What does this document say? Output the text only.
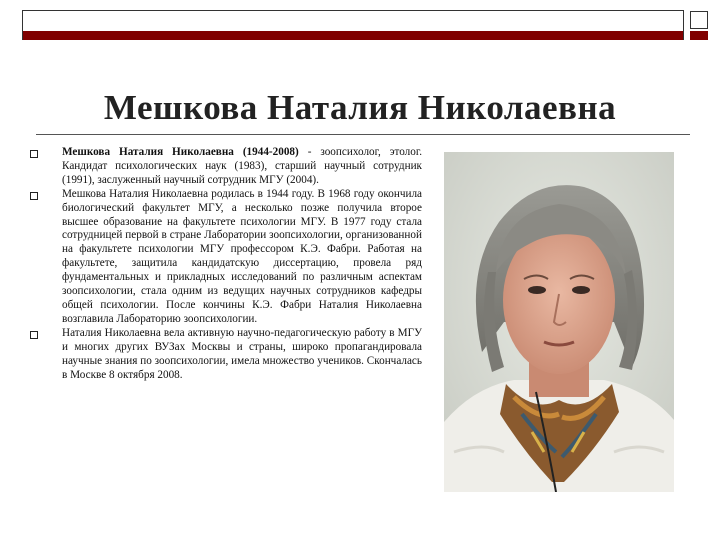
Мешкова Наталия Николаевна
Мешкова Наталия Николаевна (1944-2008) - зоопсихолог, этолог. Кандидат психологических наук (1983), старший научный сотрудник (1991), заслуженный научный сотрудник МГУ (2004).
Мешкова Наталия Николаевна родилась в 1944 году. В 1968 году окончила биологический факультет МГУ, а несколько позже получила второе высшее образование на факультете психологии МГУ. В 1977 году стала сотрудницей первой в стране Лаборатории зоопсихологии, организованной на факультете психологии МГУ профессором К.Э. Фабри. Работая на факультете, защитила кандидатскую диссертацию, провела ряд фундаментальных и прикладных исследований по различным аспектам зоопсихологии, стала одним из ведущих научных сотрудников кафедры общей психологии. После кончины К.Э. Фабри Наталия Николаевна возглавила Лабораторию зоопсихологии.
Наталия Николаевна вела активную научно-педагогическую работу в МГУ и многих других ВУЗах Москвы и страны, широко пропагандировала научные знания по зоопсихологии, имела множество учеников. Скончалась в Москве 8 октября 2008.
